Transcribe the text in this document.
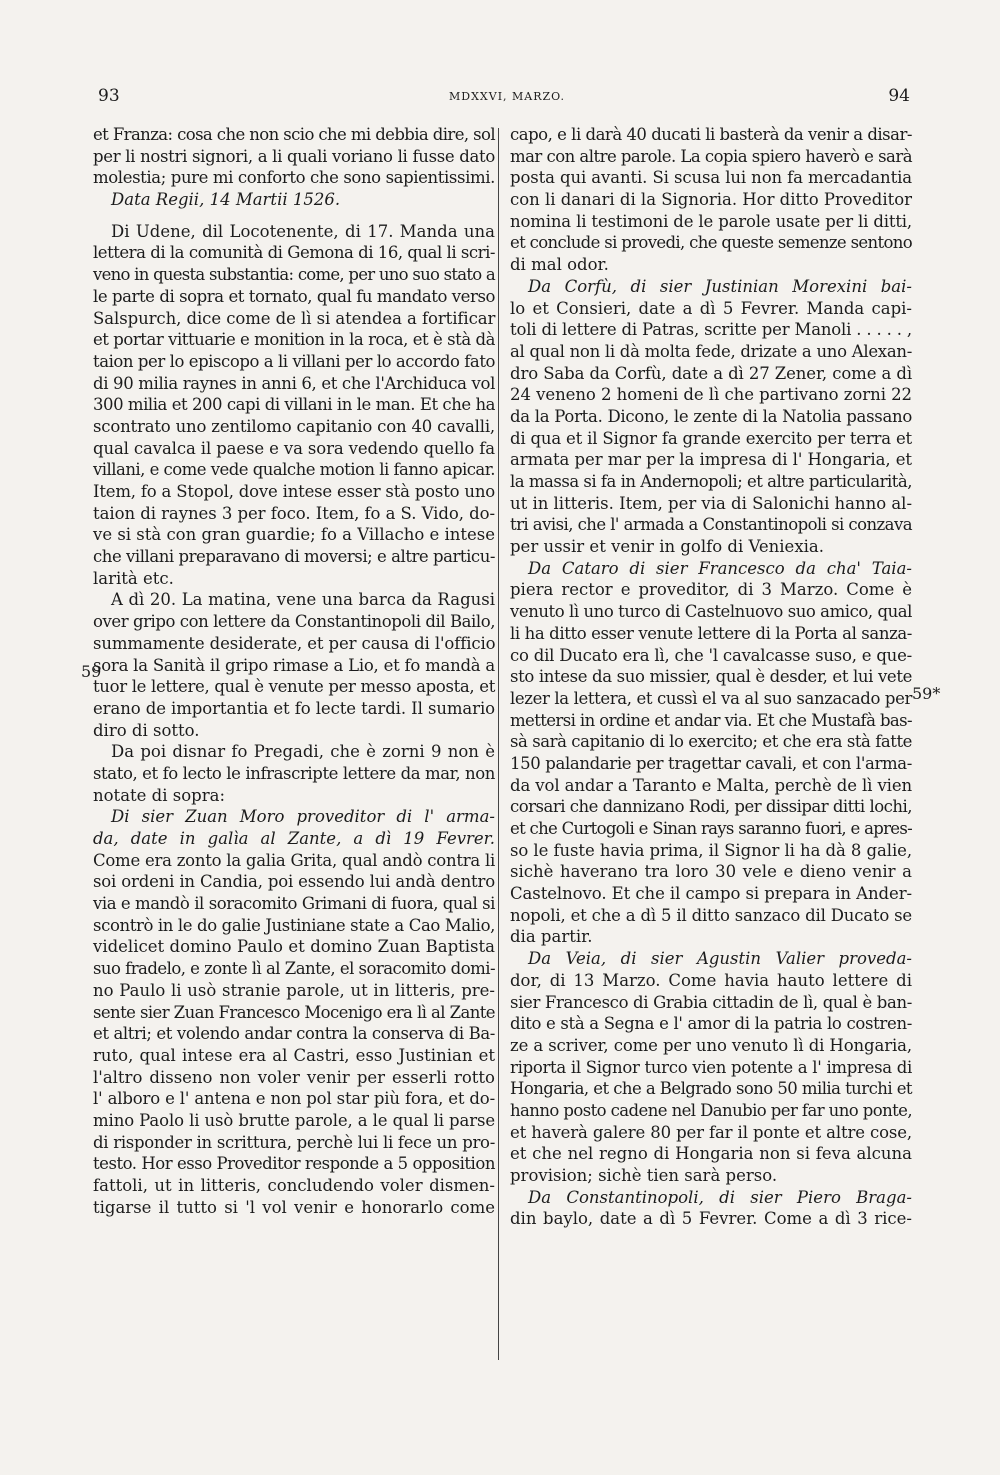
93	MDXXVI, MARZO.	94
59
59*
et Franza: cosa che non scio che mi debbia dire, sol
per li nostri signori, a li quali voriano li fusse dato
molestia; pure mi conforto che sono sapientissimi.
Data Regii, 14 Martii 1526.
Di Udene, dil Locotenente, di 17. Manda una
lettera di la comunità di Gemona di 16, qual li scri-
veno in questa substantia: come, per uno suo stato a
le parte di sopra et tornato, qual fu mandato verso
Salspurch, dice come de lì si atendea a fortificar
et portar vittuarie e monition in la roca, et è stà dà
taion per lo episcopo a li villani per lo accordo fato
di 90 milia raynes in anni 6, et che l'Archiduca vol
300 milia et 200 capi di villani in le man. Et che ha
scontrato uno zentilomo capitanio con 40 cavalli,
qual cavalca il paese e va sora vedendo quello fa
villani, e come vede qualche motion li fanno apicar.
Item, fo a Stopol, dove intese esser stà posto uno
taion di raynes 3 per foco. Item, fo a S. Vido, do-
ve si stà con gran guardie; fo a Villacho e intese
che villani preparavano di moversi; e altre particu-
larità etc.
A dì 20. La matina, vene una barca da Ragusi
over gripo con lettere da Constantinopoli dil Bailo,
summamente desiderate, et per causa di l'officio
sora la Sanità il gripo rimase a Lio, et fo mandà a
tuor le lettere, qual è venute per messo aposta, et
erano de importantia et fo lecte tardi. Il sumario
diro di sotto.
Da poi disnar fo Pregadi, che è zorni 9 non è
stato, et fo lecto le infrascripte lettere da mar, non
notate di sopra:
Di sier Zuan Moro proveditor di l' arma-
da, date in galìa al Zante, a dì 19 Fevrer.
Come era zonto la galia Grita, qual andò contra li
soi ordeni in Candia, poi essendo lui andà dentro
via e mandò il soracomito Grimani di fuora, qual si
scontrò in le do galie Justiniane state a Cao Malio,
videlicet domino Paulo et domino Zuan Baptista
suo fradelo, e zonte lì al Zante, el soracomito domi-
no Paulo li usò stranie parole, ut in litteris, pre-
sente sier Zuan Francesco Mocenigo era lì al Zante
et altri; et volendo andar contra la conserva di Ba-
ruto, qual intese era al Castri, esso Justinian et
l'altro disseno non voler venir per esserli rotto
l' alboro e l' antena e non pol star più fora, et do-
mino Paolo li usò brutte parole, a le qual li parse
di risponder in scrittura, perchè lui li fece un pro-
testo. Hor esso Proveditor responde a 5 opposition
fattoli, ut in litteris, concludendo voler dismen-
tigarse il tutto si 'l vol venir e honorarlo come
capo, e li darà 40 ducati li basterà da venir a disar-
mar con altre parole. La copia spiero haverò e sarà
posta qui avanti. Si scusa lui non fa mercadantia
con li danari di la Signoria. Hor ditto Proveditor
nomina li testimoni de le parole usate per li ditti,
et conclude si provedi, che queste semenze sentono
di mal odor.
Da Corfù, di sier Justinian Morexini bai-
lo et Consieri, date a dì 5 Fevrer. Manda capi-
toli di lettere di Patras, scritte per Manoli . . . . . ,
al qual non li dà molta fede, drizate a uno Alexan-
dro Saba da Corfù, date a dì 27 Zener, come a dì
24 veneno 2 homeni de lì che partivano zorni 22
da la Porta. Dicono, le zente di la Natolia passano
di qua et il Signor fa grande exercito per terra et
armata per mar per la impresa di l' Hongaria, et
la massa si fa in Andernopoli; et altre particularità,
ut in litteris. Item, per via di Salonichi hanno al-
tri avisi, che l' armada a Constantinopoli si conzava
per ussir et venir in golfo di Veniexia.
Da Cataro di sier Francesco da cha' Taia-
piera rector e proveditor, di 3 Marzo. Come è
venuto lì uno turco di Castelnuovo suo amico, qual
li ha ditto esser venute lettere di la Porta al sanza-
co dil Ducato era lì, che 'l cavalcasse suso, e que-
sto intese da suo missier, qual è desder, et lui vete
lezer la lettera, et cussì el va al suo sanzacado per
mettersi in ordine et andar via. Et che Mustafà bas-
sà sarà capitanio di lo exercito; et che era stà fatte
150 palandarie per tragettar cavali, et con l'arma-
da vol andar a Taranto e Malta, perchè de lì vien
corsari che dannizano Rodi, per dissipar ditti lochi,
et che Curtogoli e Sinan rays saranno fuori, e apres-
so le fuste havia prima, il Signor li ha dà 8 galie,
sichè haverano tra loro 30 vele e dieno venir a
Castelnovo. Et che il campo si prepara in Ander-
nopoli, et che a dì 5 il ditto sanzaco dil Ducato se
dia partir.
Da Veia, di sier Agustin Valier proveda-
dor, di 13 Marzo. Come havia hauto lettere di
sier Francesco di Grabia cittadin de lì, qual è ban-
dito e stà a Segna e l' amor di la patria lo costren-
ze a scriver, come per uno venuto lì di Hongaria,
riporta il Signor turco vien potente a l' impresa di
Hongaria, et che a Belgrado sono 50 milia turchi et
hanno posto cadene nel Danubio per far uno ponte,
et haverà galere 80 per far il ponte et altre cose,
et che nel regno di Hongaria non si feva alcuna
provision; sichè tien sarà perso.
Da Constantinopoli, di sier Piero Braga-
din baylo, date a dì 5 Fevrer. Come a dì 3 rice-
